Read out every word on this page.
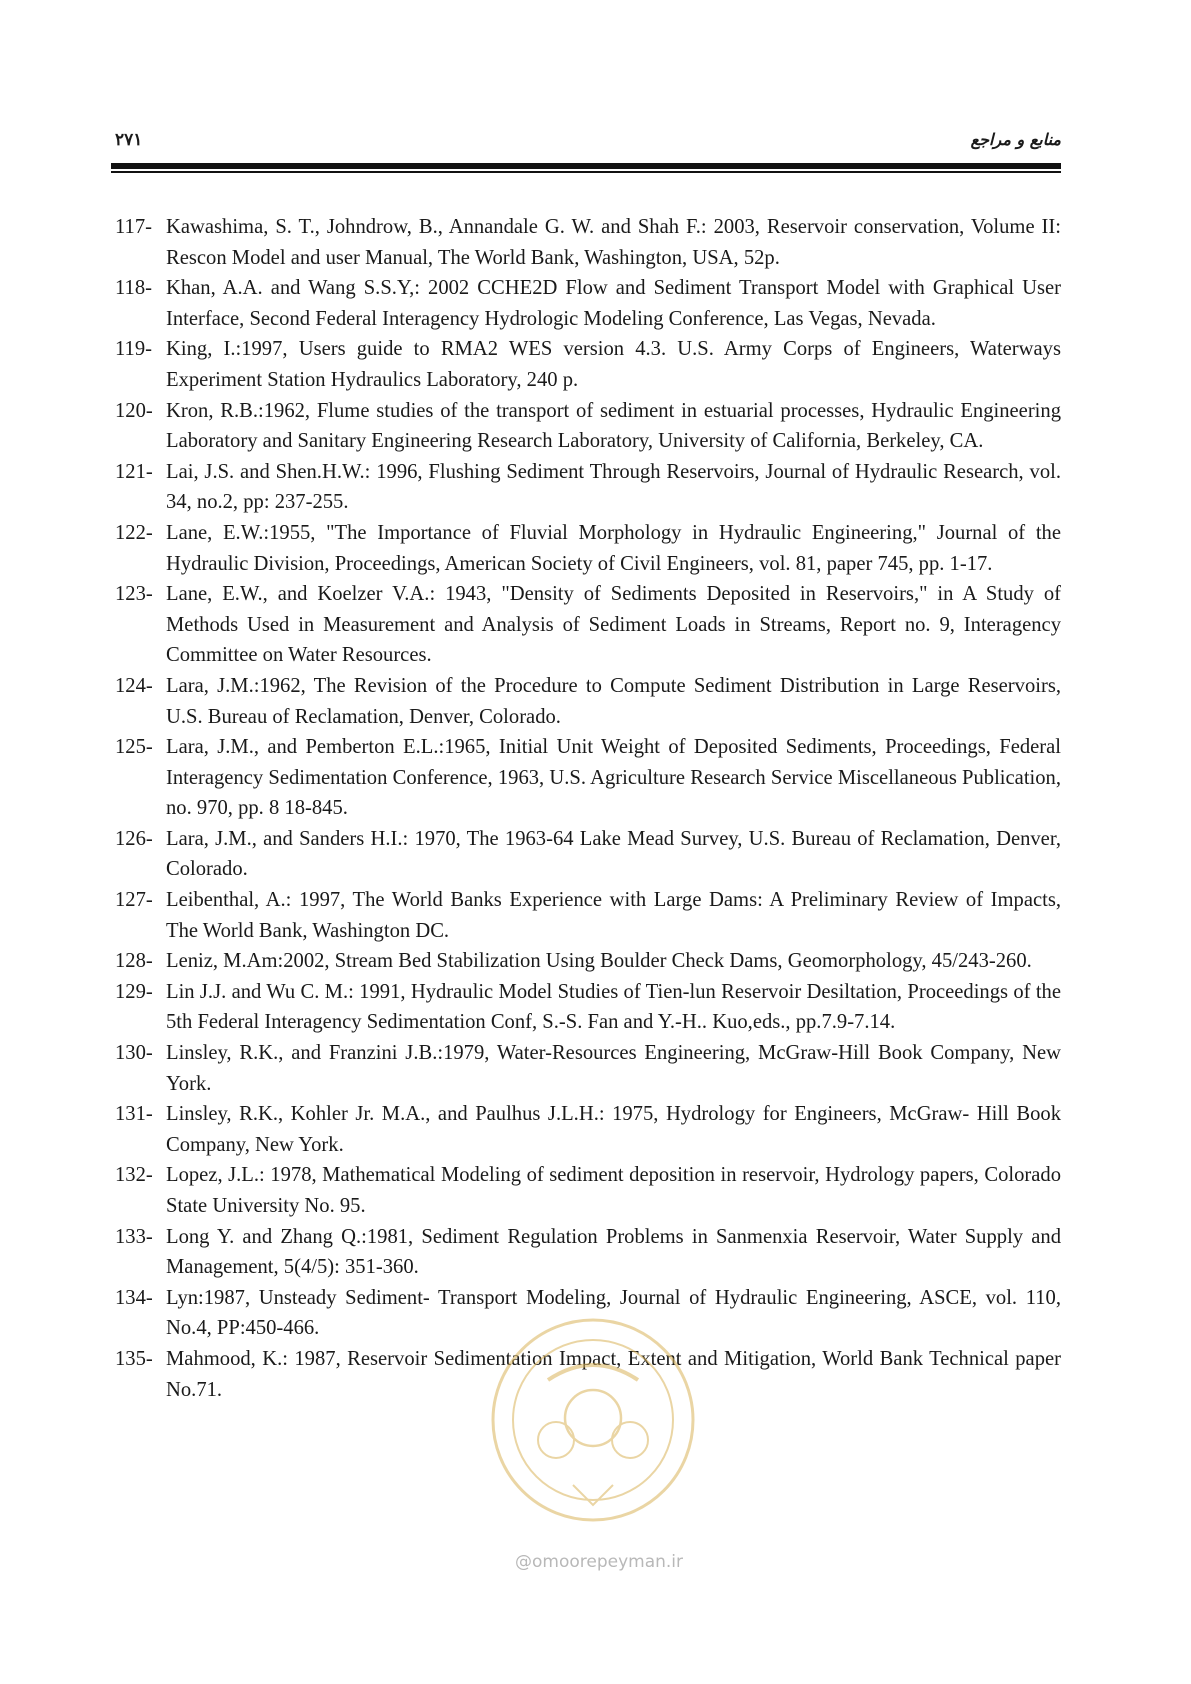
۲۷۱	منابع و مراجع
117- Kawashima, S. T., Johndrow, B., Annandale G. W. and Shah F.: 2003, Reservoir conservation, Volume II: Rescon Model and user Manual, The World Bank, Washington, USA, 52p.
118- Khan, A.A. and Wang S.S.Y,: 2002 CCHE2D Flow and Sediment Transport Model with Graphical User Interface, Second Federal Interagency Hydrologic Modeling Conference, Las Vegas, Nevada.
119- King, I.:1997, Users guide to RMA2 WES version 4.3. U.S. Army Corps of Engineers, Waterways Experiment Station Hydraulics Laboratory, 240 p.
120- Kron, R.B.:1962, Flume studies of the transport of sediment in estuarial processes, Hydraulic Engineering Laboratory and Sanitary Engineering Research Laboratory, University of California, Berkeley, CA.
121- Lai, J.S. and Shen.H.W.: 1996, Flushing Sediment Through Reservoirs, Journal of Hydraulic Research, vol. 34, no.2, pp: 237-255.
122- Lane, E.W.:1955, "The Importance of Fluvial Morphology in Hydraulic Engineering," Journal of the Hydraulic Division, Proceedings, American Society of Civil Engineers, vol. 81, paper 745, pp. 1-17.
123- Lane, E.W., and Koelzer V.A.: 1943, "Density of Sediments Deposited in Reservoirs," in A Study of Methods Used in Measurement and Analysis of Sediment Loads in Streams, Report no. 9, Interagency Committee on Water Resources.
124- Lara, J.M.:1962, The Revision of the Procedure to Compute Sediment Distribution in Large Reservoirs, U.S. Bureau of Reclamation, Denver, Colorado.
125- Lara, J.M., and Pemberton E.L.:1965, Initial Unit Weight of Deposited Sediments, Proceedings, Federal Interagency Sedimentation Conference, 1963, U.S. Agriculture Research Service Miscellaneous Publication, no. 970, pp. 8 18-845.
126- Lara, J.M., and Sanders H.I.: 1970, The 1963-64 Lake Mead Survey, U.S. Bureau of Reclamation, Denver, Colorado.
127- Leibenthal, A.: 1997, The World Banks Experience with Large Dams: A Preliminary Review of Impacts, The World Bank, Washington DC.
128- Leniz, M.Am:2002, Stream Bed Stabilization Using Boulder Check Dams, Geomorphology, 45/243-260.
129- Lin J.J. and Wu C. M.: 1991, Hydraulic Model Studies of Tien-lun Reservoir Desiltation, Proceedings of the 5th Federal Interagency Sedimentation Conf, S.-S. Fan and Y.-H.. Kuo,eds., pp.7.9-7.14.
130- Linsley, R.K., and Franzini J.B.:1979, Water-Resources Engineering, McGraw-Hill Book Company, New York.
131- Linsley, R.K., Kohler Jr. M.A., and Paulhus J.L.H.: 1975, Hydrology for Engineers, McGraw- Hill Book Company, New York.
132- Lopez, J.L.: 1978, Mathematical Modeling of sediment deposition in reservoir, Hydrology papers, Colorado State University No. 95.
133- Long Y. and Zhang Q.:1981, Sediment Regulation Problems in Sanmenxia Reservoir, Water Supply and Management, 5(4/5): 351-360.
134- Lyn:1987, Unsteady Sediment- Transport Modeling, Journal of Hydraulic Engineering, ASCE, vol. 110, No.4, PP:450-466.
135- Mahmood, K.: 1987, Reservoir Sedimentation Impact, Extent and Mitigation, World Bank Technical paper No.71.
@omoorepeyman.ir
